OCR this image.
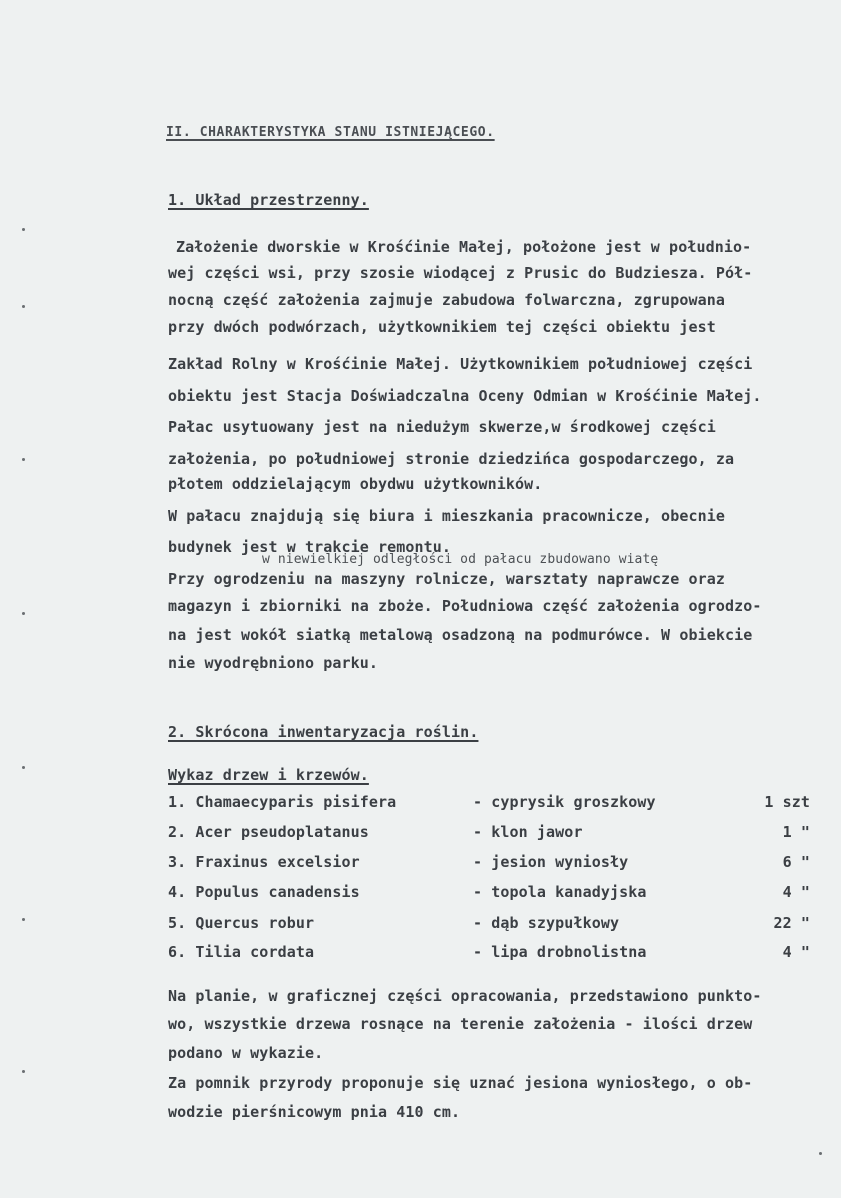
II. CHARAKTERYSTYKA STANU ISTNIEJĄCEGO.
1. Układ przestrzenny.
Założenie dworskie w Krośćinie Małej, położone jest w południo-
wej części wsi, przy szosie wiodącej z Prusic do Budziesza. Pół-
nocną część założenia zajmuje zabudowa folwarczna, zgrupowana
przy dwóch podwórzach, użytkownikiem tej części obiektu jest
Zakład Rolny w Krośćinie Małej. Użytkownikiem południowej części
obiektu jest Stacja Doświadczalna Oceny Odmian w Krośćinie Małej.
Pałac usytuowany jest na niedużym skwerze,w środkowej części
założenia, po południowej stronie dziedzińca gospodarczego, za
płotem oddzielającym obydwu użytkowników.
W pałacu znajdują się biura i mieszkania pracownicze, obecnie
budynek jest w trakcie remontu.
w niewielkiej odległości od pałacu zbudowano wiatę
Przy ogrodzeniu na maszyny rolnicze, warsztaty naprawcze oraz
magazyn i zbiorniki na zboże. Południowa część założenia ogrodzo-
na jest wokół siatką metalową osadzoną na podmurówce. W obiekcie
nie wyodrębniono parku.
2. Skrócona inwentaryzacja roślin.
Wykaz drzew i krzewów.
1. Chamaecyparis pisifera	- cyprysik groszkowy	1 szt
2. Acer pseudoplatanus	- klon jawor	1 "
3. Fraxinus excelsior	- jesion wyniosły	6 "
4. Populus canadensis	- topola kanadyjska	4 "
5. Quercus robur	- dąb szypułkowy	22 "
6. Tilia cordata	- lipa drobnolistna	4 "
Na planie, w graficznej części opracowania, przedstawiono punkto-
wo, wszystkie drzewa rosnące na terenie założenia - ilości drzew
podano w wykazie.
Za pomnik przyrody proponuje się uznać jesiona wyniosłego, o ob-
wodzie pierśnicowym pnia 410 cm.
